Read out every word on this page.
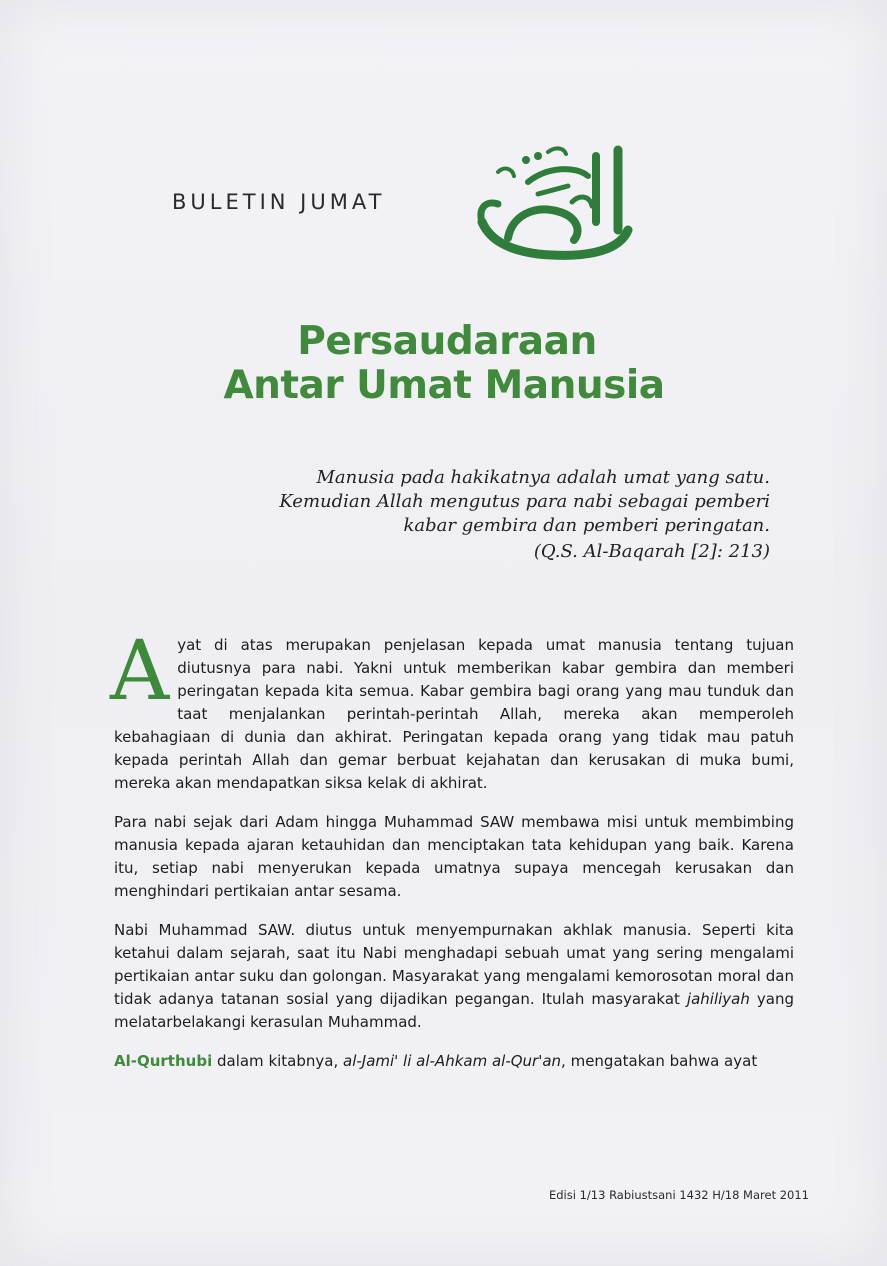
BULETIN JUMAT
Persaudaraan
Antar Umat Manusia
Manusia pada hakikatnya adalah umat yang satu.
Kemudian Allah mengutus para nabi sebagai pemberi
kabar gembira dan pemberi peringatan.
(Q.S. Al-Baqarah [2]: 213)

Ayat di atas merupakan penjelasan kepada umat manusia tentang tujuan diutusnya para nabi. Yakni untuk memberikan kabar gembira dan memberi peringatan kepada kita semua. Kabar gembira bagi orang yang mau tunduk dan taat menjalankan perintah-perintah Allah, mereka akan memperoleh kebahagiaan di dunia dan akhirat. Peringatan kepada orang yang tidak mau patuh kepada perintah Allah dan gemar berbuat kejahatan dan kerusakan di muka bumi, mereka akan mendapatkan siksa kelak di akhirat.

Para nabi sejak dari Adam hingga Muhammad SAW membawa misi untuk membimbing manusia kepada ajaran ketauhidan dan menciptakan tata kehidupan yang baik. Karena itu, setiap nabi menyerukan kepada umatnya supaya mencegah kerusakan dan menghindari pertikaian antar sesama.

Nabi Muhammad SAW. diutus untuk menyempurnakan akhlak manusia. Seperti kita ketahui dalam sejarah, saat itu Nabi menghadapi sebuah umat yang sering mengalami pertikaian antar suku dan golongan. Masyarakat yang mengalami kemorosotan moral dan tidak adanya tatanan sosial yang dijadikan pegangan. Itulah masyarakat jahiliyah yang melatarbelakangi kerasulan Muhammad.

Al-Qurthubi dalam kitabnya, al-Jami' li al-Ahkam al-Qur'an, mengatakan bahwa ayat

Edisi 1/13 Rabiustsani 1432 H/18 Maret 2011
